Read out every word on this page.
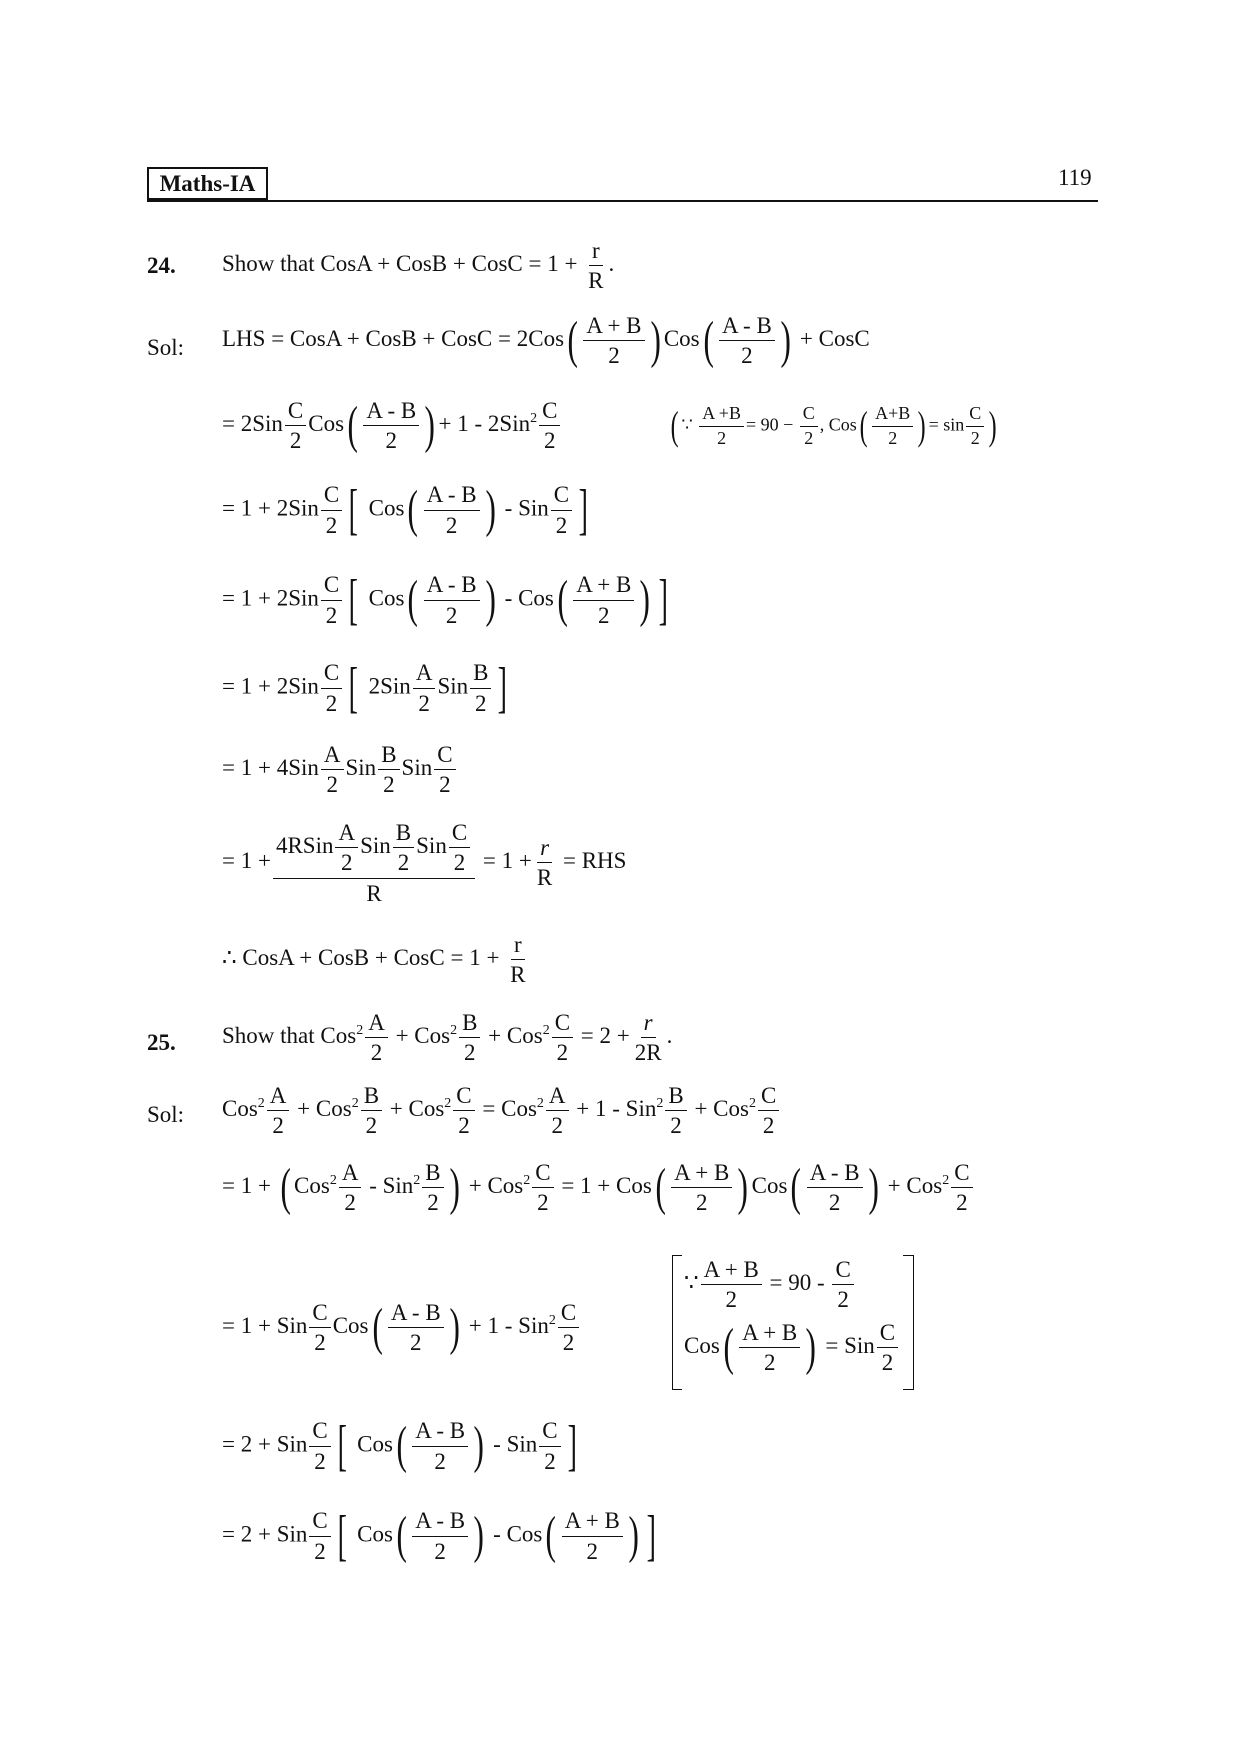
Maths-IA	119
24. Show that CosA + CosB + CosC = $1 + \frac{r}{R}$ .
Sol: LHS = CosA + CosB + CosC = $2Cos( \frac{A + B}{2}$ ) $Cos( \frac{A - B}{2}$ ) + CosC
= $2Sin \frac{C}{2} Cos( \frac{A - B}{2}$ ) + $1 - 2Sin^2 \frac{C}{2}$	( ∵ $\frac{A +B}{2} = 90 - \frac{C}{2}$ , $Cos( \frac{A+B}{2}$ ) = $\sin \frac{C}{2}$ )
= $1 + 2Sin \frac{C}{2}$ [ $Cos( \frac{A - B}{2}$ ) - Sin $\frac{C}{2}$ ]
= $1 + 2Sin \frac{C}{2}$ [ $Cos( \frac{A - B}{2}$ ) - $Cos( \frac{A + B}{2}$ ) ]
= $1 + 2Sin \frac{C}{2}$ [ $2Sin \frac{A}{2}$ Sin $\frac{B}{2}$ ]
= $1 + 4Sin \frac{A}{2}$ Sin $\frac{B}{2}$ Sin $\frac{C}{2}$
= $1 + \frac{4RSin \frac{A}{2} Sin \frac{B}{2} Sin \frac{C}{2}}{R} = 1 + \frac{r}{R}$ = RHS
∴ CosA + CosB + CosC = $1 + \frac{r}{R}$
25. Show that $Cos^2 \frac{A}{2} + Cos^2 \frac{B}{2} + Cos^2 \frac{C}{2} = 2 + \frac{r}{2R}$ .
Sol: $Cos^2 \frac{A}{2} + Cos^2 \frac{B}{2} + Cos^2 \frac{C}{2} = Cos^2 \frac{A}{2} + 1 - Sin^2 \frac{B}{2} + Cos^2 \frac{C}{2}$
= 1 + ( $Cos^2 \frac{A}{2} - Sin^2 \frac{B}{2}$ ) + $Cos^2 \frac{C}{2} = 1 + Cos( \frac{A + B}{2}$ ) $Cos( \frac{A - B}{2}$ ) + $Cos^2 \frac{C}{2}$
= 1 + Sin $\frac{C}{2} Cos( \frac{A - B}{2}$ ) + $1 - Sin^2 \frac{C}{2}$
∵ $\frac{A + B}{2} = 90 - \frac{C}{2}$
$Cos( \frac{A + B}{2}$ ) = Sin $\frac{C}{2}$
= 2 + Sin $\frac{C}{2}$ [ $Cos( \frac{A - B}{2}$ ) - Sin $\frac{C}{2}$ ]
= 2 + Sin $\frac{C}{2}$ [ $Cos( \frac{A - B}{2}$ ) - $Cos( \frac{A + B}{2}$ ) ]
